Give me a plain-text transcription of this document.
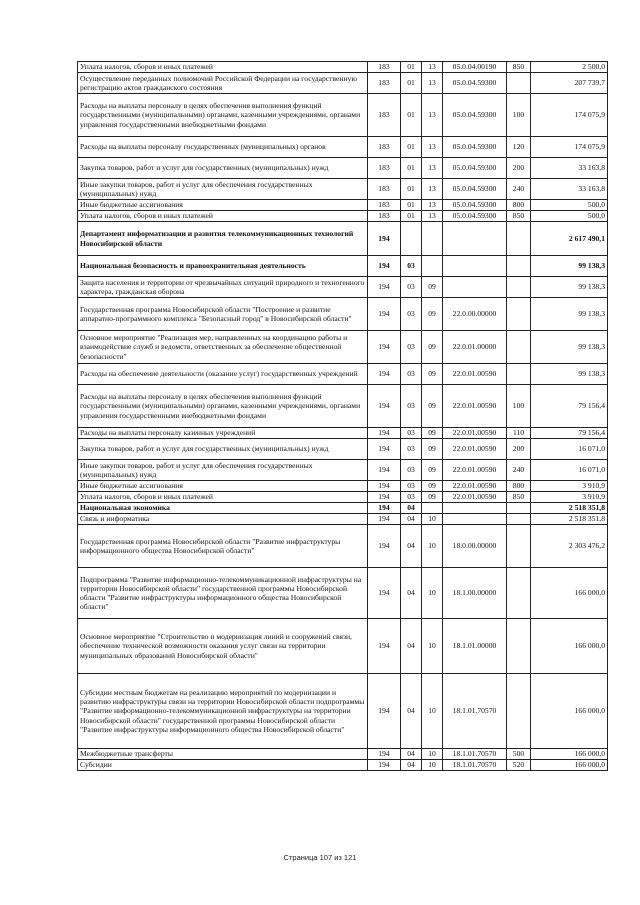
Уплата налогов, сборов и иных платежей	183	01	13	05.0.04.00190	850	2 500,0
Осуществление переданных полномочий Российской Федерации на государственную регистрацию актов гражданского состояния	183	01	13	05.0.04.59300		207 739,7
Расходы на выплаты персоналу в целях обеспечения выполнения функций государственными (муниципальными) органами, казенными учреждениями, органами управления государственными внебюджетными фондами	183	01	13	05.0.04.59300	100	174 075,9
Расходы на выплаты персоналу государственных (муниципальных) органов	183	01	13	05.0.04.59300	120	174 075,9
Закупка товаров, работ и услуг для государственных (муниципальных) нужд	183	01	13	05.0.04.59300	200	33 163,8
Иные закупки товаров, работ и услуг для обеспечения государственных (муниципальных) нужд	183	01	13	05.0.04.59300	240	33 163,8
Иные бюджетные ассигнования	183	01	13	05.0.04.59300	800	500,0
Уплата налогов, сборов и иных платежей	183	01	13	05.0.04.59300	850	500,0
Департамент информатизации и развития телекоммуникационных технологий Новосибирской области	194					2 617 490,1
Национальная безопасность и правоохранительная деятельность	194	03				99 138,3
Защита населения и территории от чрезвычайных ситуаций природного и техногенного характера, гражданская оборона	194	03	09			99 138,3
Государственная программа Новосибирской области "Построение и развитие аппаратно-программного комплекса "Безопасный город" в Новосибирской области"	194	03	09	22.0.00.00000		99 138,3
Основное мероприятие "Реализация мер, направленных на координацию работы и взаимодействие служб и ведомств, ответственных за обеспечение общественной безопасности"	194	03	09	22.0.01.00000		99 138,3
Расходы на обеспечение деятельности (оказание услуг) государственных учреждений	194	03	09	22.0.01.00590		99 138,3
Расходы на выплаты персоналу в целях обеспечения выполнения функций государственными (муниципальными) органами, казенными учреждениями, органами управления государственными внебюджетными фондами	194	03	09	22.0.01.00590	100	79 156,4
Расходы на выплаты персоналу казенных учреждений	194	03	09	22.0.01.00590	110	79 156,4
Закупка товаров, работ и услуг для государственных (муниципальных) нужд	194	03	09	22.0.01.00590	200	16 071,0
Иные закупки товаров, работ и услуг для обеспечения государственных (муниципальных) нужд	194	03	09	22.0.01.00590	240	16 071,0
Иные бюджетные ассигнования	194	03	09	22.0.01.00590	800	3 910,9
Уплата налогов, сборов и иных платежей	194	03	09	22.0.01.00590	850	3 910,9
Национальная экономика	194	04				2 518 351,8
Связь и информатика	194	04	10			2 518 351,8
Государственная программа Новосибирской области "Развитие инфраструктуры информационного общества Новосибирской области"	194	04	10	18.0.00.00000		2 303 476,2
Подпрограмма "Развитие информационно-телекоммуникационной инфраструктуры на территории Новосибирской области" государственной программы Новосибирской области "Развитие инфраструктуры информационного общества Новосибирской области"	194	04	10	18.1.00.00000		166 000,0
Основное мероприятие "Строительство и модернизация линий и сооружений связи, обеспечение технической возможности оказания услуг связи на территории муниципальных образований Новосибирской области"	194	04	10	18.1.01.00000		166 000,0
Субсидии местным бюджетам на реализацию мероприятий по модернизации и развитию инфраструктуры связи на территории Новосибирской области подпрограммы "Развитие информационно-телекоммуникационной инфраструктуры на территории Новосибирской области" государственной программы Новосибирской области "Развитие инфраструктуры информационного общества Новосибирской области"	194	04	10	18.1.01.70570		166 000,0
Межбюджетные трансферты	194	04	10	18.1.01.70570	500	166 000,0
Субсидии	194	04	10	18.1.01.70570	520	166 000,0
Страница 107 из 121
